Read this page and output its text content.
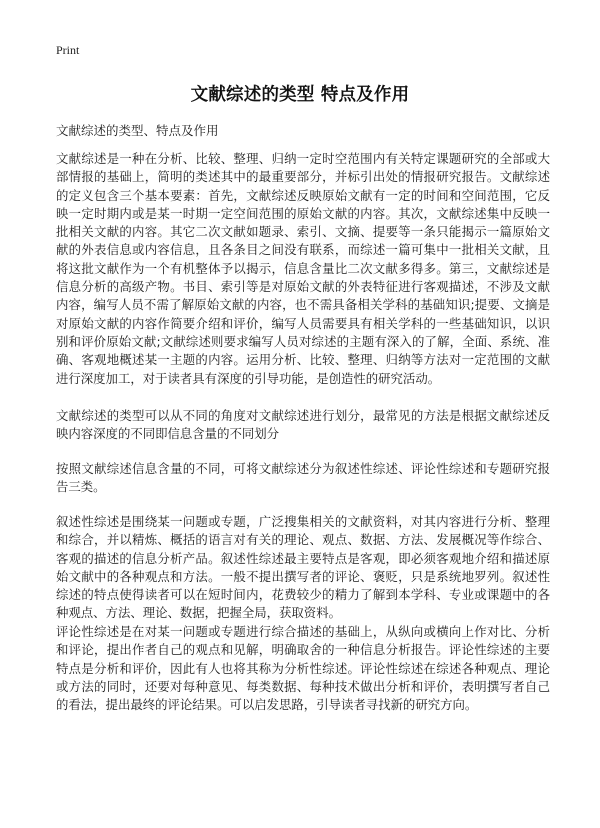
Print
文献综述的类型 特点及作用
文献综述的类型、特点及作用

文献综述是一种在分析、比较、整理、归纳一定时空范围内有关特定课题研究的全部或大部情报的基础上，简明的类述其中的最重要部分，并标引出处的情报研究报告。文献综述的定义包含三个基本要素：首先，文献综述反映原始文献有一定的时间和空间范围，它反映一定时期内或是某一时期一定空间范围的原始文献的内容。其次，文献综述集中反映一批相关文献的内容。其它二次文献如题录、索引、文摘、提要等一条只能揭示一篇原始文献的外表信息或内容信息，且各条目之间没有联系，而综述一篇可集中一批相关文献，且将这批文献作为一个有机整体予以揭示，信息含量比二次文献多得多。第三，文献综述是信息分析的高级产物。书目、索引等是对原始文献的外表特征进行客观描述，不涉及文献内容，编写人员不需了解原始文献的内容，也不需具备相关学科的基础知识;提要、文摘是对原始文献的内容作简要介绍和评价，编写人员需要具有相关学科的一些基础知识，以识别和评价原始文献;文献综述则要求编写人员对综述的主题有深入的了解，全面、系统、准确、客观地概述某一主题的内容。运用分析、比较、整理、归纳等方法对一定范围的文献进行深度加工，对于读者具有深度的引导功能，是创造性的研究活动。

文献综述的类型可以从不同的角度对文献综述进行划分，最常见的方法是根据文献综述反映内容深度的不同即信息含量的不同划分

按照文献综述信息含量的不同，可将文献综述分为叙述性综述、评论性综述和专题研究报告三类。

叙述性综述是围绕某一问题或专题，广泛搜集相关的文献资料，对其内容进行分析、整理和综合，并以精炼、概括的语言对有关的理论、观点、数据、方法、发展概况等作综合、客观的描述的信息分析产品。叙述性综述最主要特点是客观，即必须客观地介绍和描述原始文献中的各种观点和方法。一般不提出撰写者的评论、褒贬，只是系统地罗列。叙述性综述的特点使得读者可以在短时间内，花费较少的精力了解到本学科、专业或课题中的各种观点、方法、理论、数据，把握全局，获取资料。

评论性综述是在对某一问题或专题进行综合描述的基础上，从纵向或横向上作对比、分析和评论，提出作者自己的观点和见解，明确取舍的一种信息分析报告。评论性综述的主要特点是分析和评价，因此有人也将其称为分析性综述。评论性综述在综述各种观点、理论或方法的同时，还要对每种意见、每类数据、每种技术做出分析和评价，表明撰写者自己的看法，提出最终的评论结果。可以启发思路，引导读者寻找新的研究方向。
